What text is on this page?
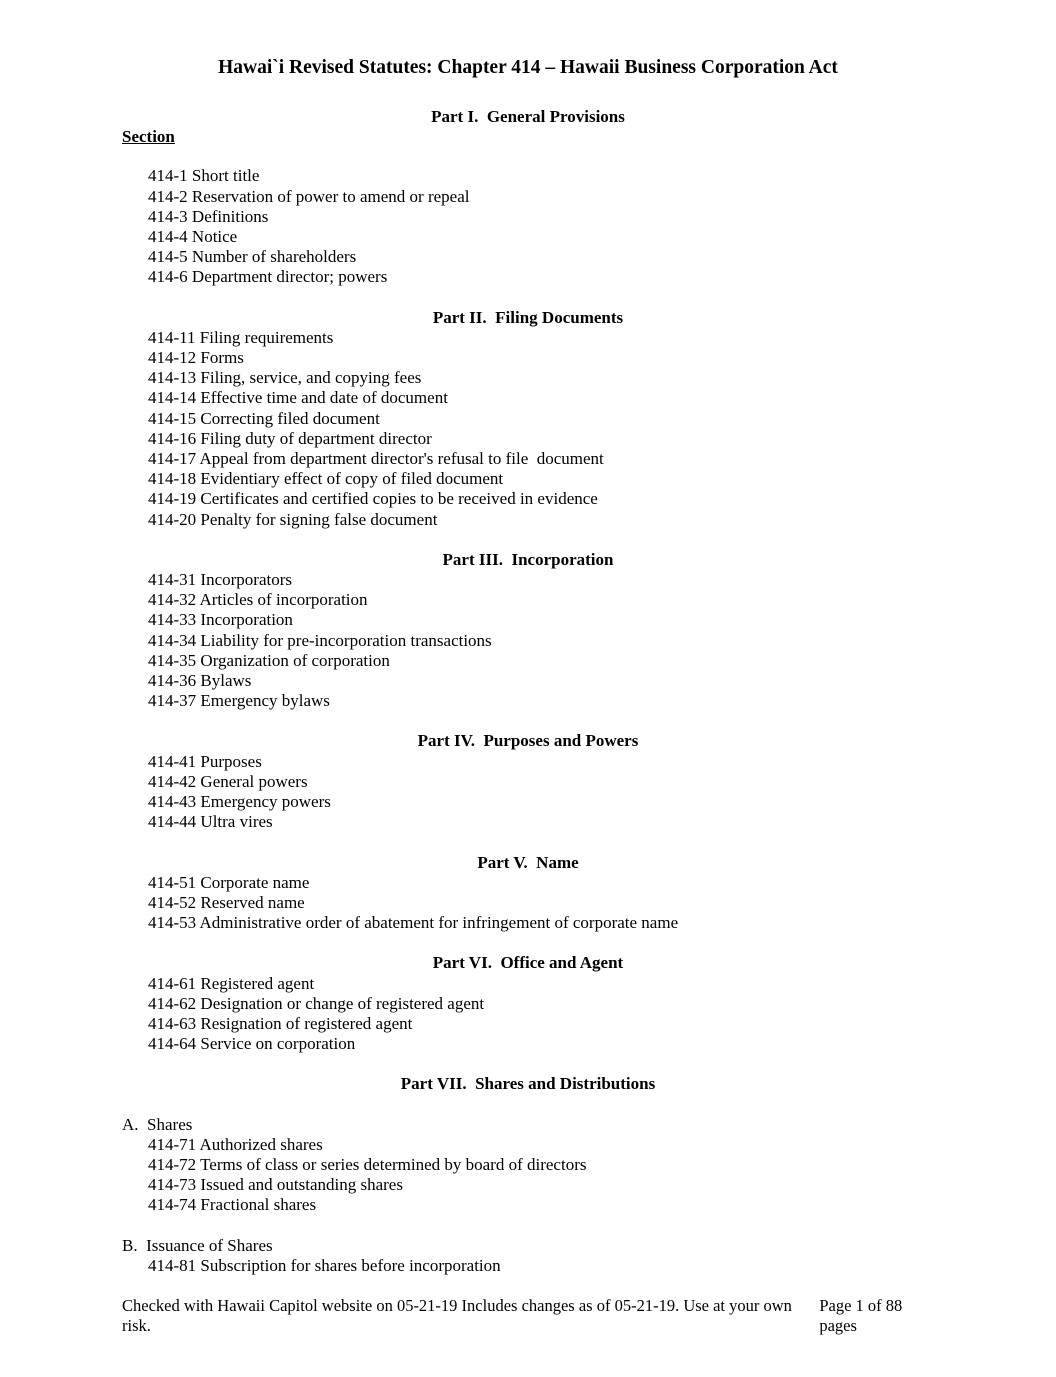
Hawai`i Revised Statutes: Chapter 414 – Hawaii Business Corporation Act
Part I.  General Provisions
Section
414-1 Short title
414-2 Reservation of power to amend or repeal
414-3 Definitions
414-4 Notice
414-5 Number of shareholders
414-6 Department director; powers
Part II.  Filing Documents
414-11 Filing requirements
414-12 Forms
414-13 Filing, service, and copying fees
414-14 Effective time and date of document
414-15 Correcting filed document
414-16 Filing duty of department director
414-17 Appeal from department director's refusal to file  document
414-18 Evidentiary effect of copy of filed document
414-19 Certificates and certified copies to be received in evidence
414-20 Penalty for signing false document
Part III.  Incorporation
414-31 Incorporators
414-32 Articles of incorporation
414-33 Incorporation
414-34 Liability for pre-incorporation transactions
414-35 Organization of corporation
414-36 Bylaws
414-37 Emergency bylaws
Part IV.  Purposes and Powers
414-41 Purposes
414-42 General powers
414-43 Emergency powers
414-44 Ultra vires
Part V.  Name
414-51 Corporate name
414-52 Reserved name
414-53 Administrative order of abatement for infringement of corporate name
Part VI.  Office and Agent
414-61 Registered agent
414-62 Designation or change of registered agent
414-63 Resignation of registered agent
414-64 Service on corporation
Part VII.  Shares and Distributions
A.  Shares
414-71 Authorized shares
414-72 Terms of class or series determined by board of directors
414-73 Issued and outstanding shares
414-74 Fractional shares
B.  Issuance of Shares
414-81 Subscription for shares before incorporation
Checked with Hawaii Capitol website on 05-21-19 Includes changes as of 05-21-19. Use at your own risk.
Page 1 of 88 pages
